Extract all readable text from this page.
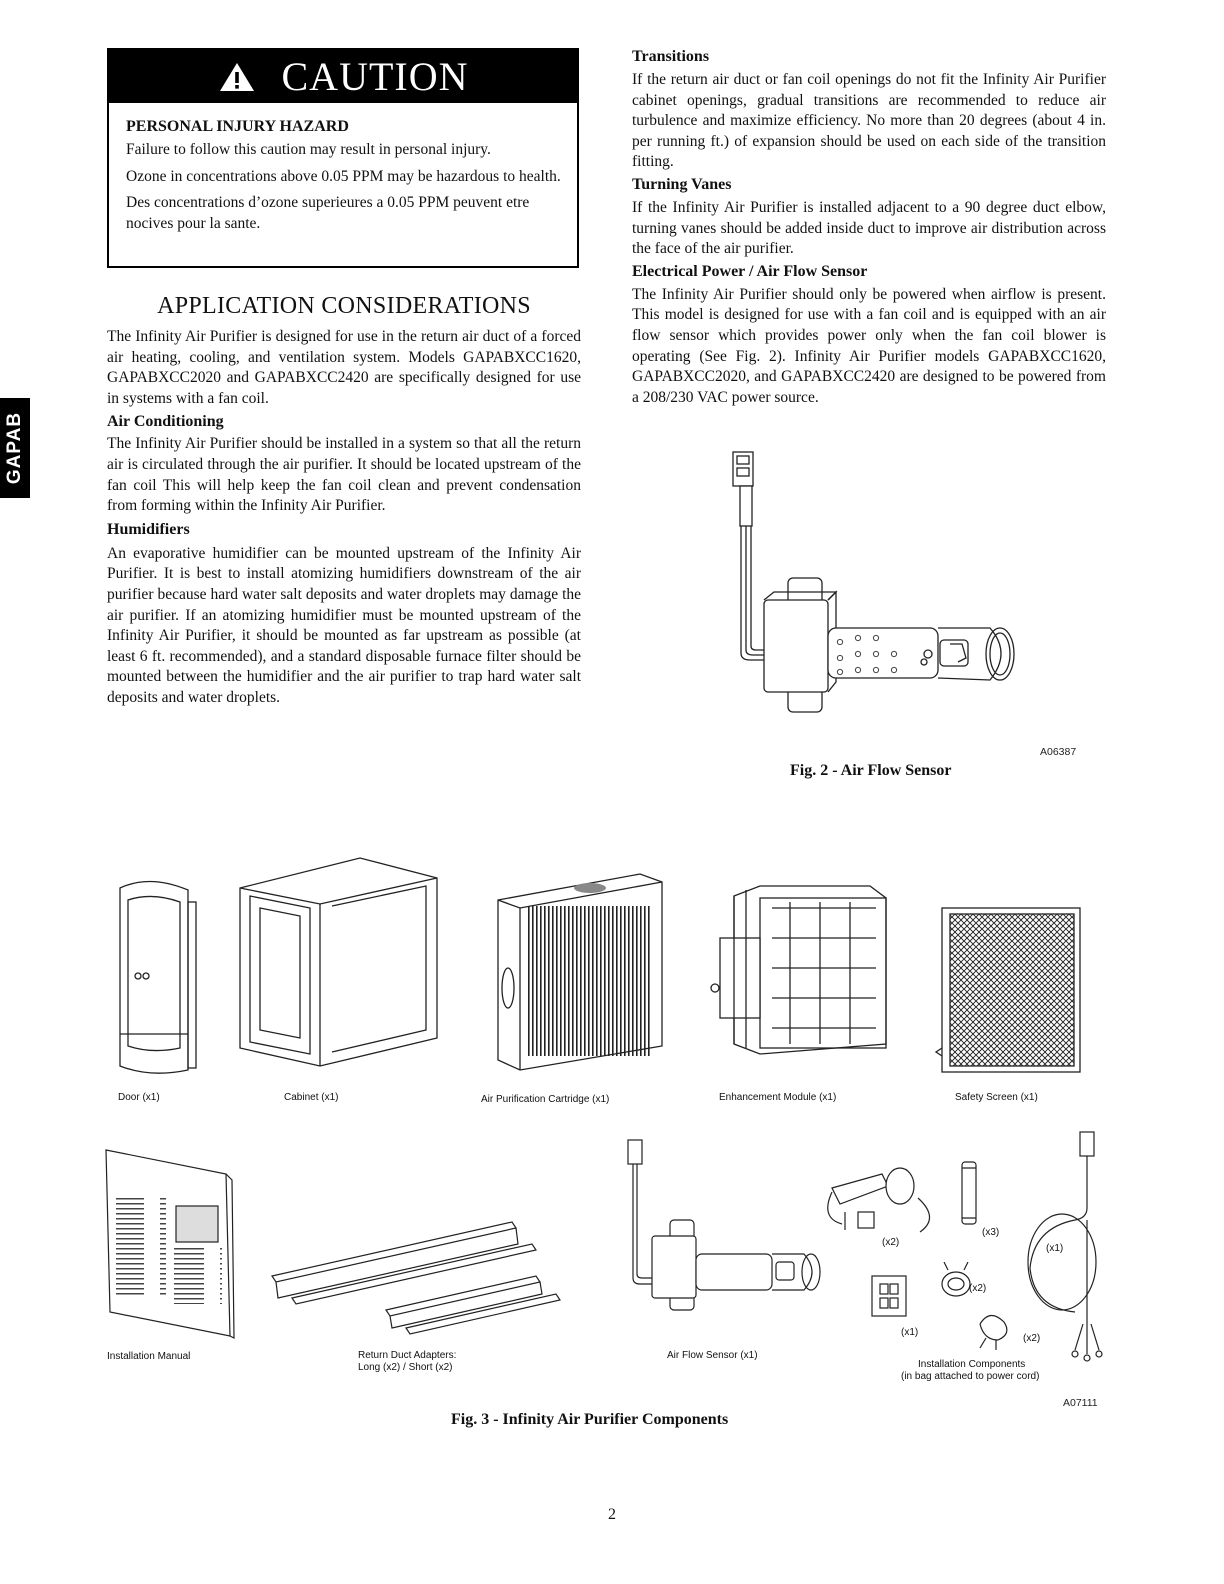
GAPAB
CAUTION

PERSONAL INJURY HAZARD

Failure to follow this caution may result in personal injury.

Ozone in concentrations above 0.05 PPM may be hazardous to health.

Des concentrations d’ozone superieures a 0.05 PPM peuvent etre nocives pour la sante.

APPLICATION CONSIDERATIONS

The Infinity Air Purifier is designed for use in the return air duct of a forced air heating, cooling, and ventilation system. Models GAPABXCC1620, GAPABXCC2020 and GAPABXCC2420 are specifically designed for use in systems with a fan coil.

Air Conditioning

The Infinity Air Purifier should be installed in a system so that all the return air is circulated through the air purifier. It should be located upstream of the fan coil This will help keep the fan coil clean and prevent condensation from forming within the Infinity Air Purifier.

Humidifiers

An evaporative humidifier can be mounted upstream of the Infinity Air Purifier. It is best to install atomizing humidifiers downstream of the air purifier because hard water salt deposits and water droplets may damage the air purifier. If an atomizing humidifier must be mounted upstream of the Infinity Air Purifier, it should be mounted as far upstream as possible (at least 6 ft. recommended), and a standard disposable furnace filter should be mounted between the humidifier and the air purifier to trap hard water salt deposits and water droplets.

Transitions

If the return air duct or fan coil openings do not fit the Infinity Air Purifier cabinet openings, gradual transitions are recommended to reduce air turbulence and maximize efficiency. No more than 20 degrees (about 4 in. per running ft.) of expansion should be used on each side of the transition fitting.

Turning Vanes

If the Infinity Air Purifier is installed adjacent to a 90 degree duct elbow, turning vanes should be added inside duct to improve air distribution across the face of the air purifier.

Electrical Power / Air Flow Sensor

The Infinity Air Purifier should only be powered when airflow is present. This model is designed for use with a fan coil and is equipped with an air flow sensor which provides power only when the fan coil blower is operating (See Fig. 2). Infinity Air Purifier models GAPABXCC1620, GAPABXCC2020, and GAPABXCC2420 are designed to be powered from a 208/230 VAC power source.

A06387
Fig. 2 - Air Flow Sensor
Door (x1)	Cabinet (x1)	Air Purification Cartridge (x1)	Enhancement Module (x1)	Safety Screen (x1)
(x2)
(x3)
(x1)
(x2)
(x1)
(x2)
Installation Manual	Return Duct Adapters:
Long (x2) / Short (x2)
Air Flow Sensor (x1)
Installation Components
(in bag attached to power cord)
A07111
Fig. 3 - Infinity Air Purifier Components
2
